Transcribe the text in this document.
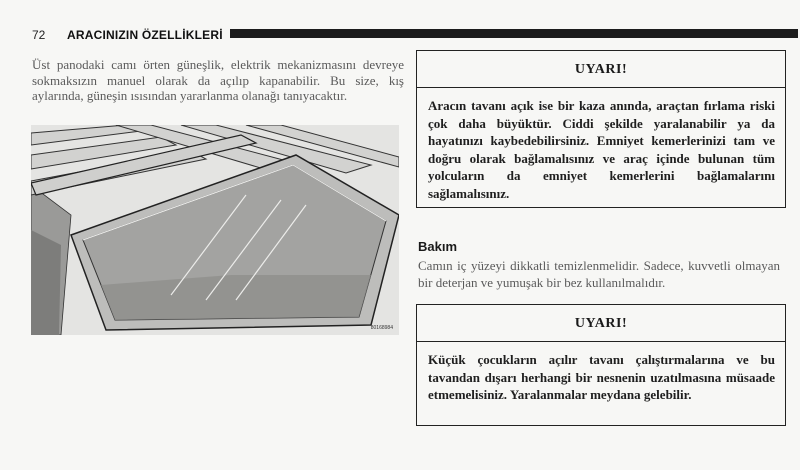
72 ARACINIZIN ÖZELLİKLERİ

Üst panodaki camı örten güneşlik, elektrik mekanizmasını devreye sokmaksızın manuel olarak da açılıp kapanabilir. Bu size, kış aylarında, güneşin ısısından yararlanma olanağı tanıyacaktır.

80168984
UYARI!

Aracın tavanı açık ise bir kaza anında, araçtan fırlama riski çok daha büyüktür. Ciddi şekilde yaralanabilir ya da hayatınızı kaybedebilirsiniz. Emniyet kemerlerinizi tam ve doğru olarak bağlamalısınız ve araç içinde bulunan tüm yolcuların da emniyet kemerlerini bağlamalarını sağlamalısınız.

Bakım

Camın iç yüzeyi dikkatli temizlenmelidir. Sadece, kuvvetli olmayan bir deterjan ve yumuşak bir bez kullanılmalıdır.

UYARI!

Küçük çocukların açılır tavanı çalıştırmalarına ve bu tavandan dışarı herhangi bir nesnenin uzatılmasına müsaade etmemelisiniz. Yaralanmalar meydana gelebilir.
